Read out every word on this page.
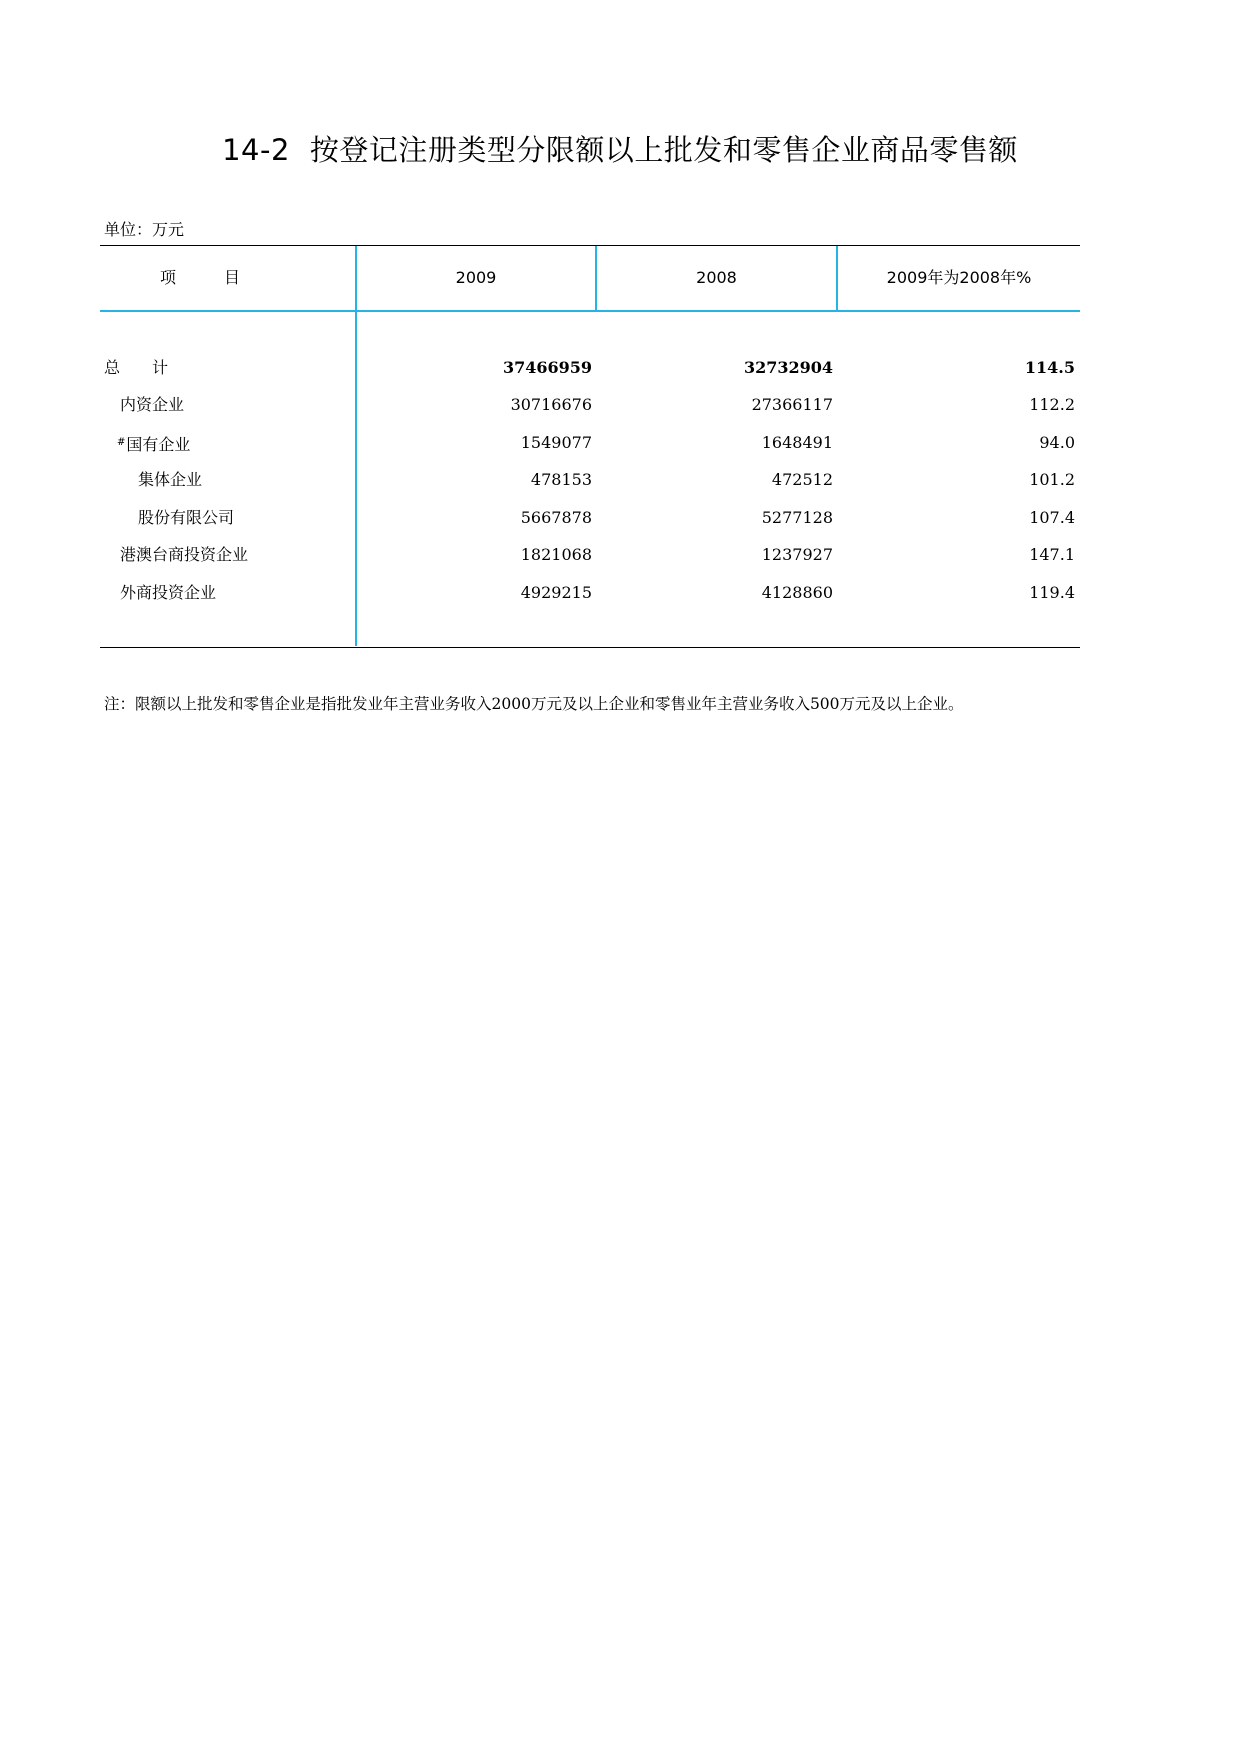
14-2 按登记注册类型分限额以上批发和零售企业商品零售额
单位：万元
项　　　目	2009	2008	2009年为2008年%
总　　计	37466959	32732904	114.5
内资企业	30716676	27366117	112.2
#国有企业	1549077	1648491	94.0
集体企业	478153	472512	101.2
股份有限公司	5667878	5277128	107.4
港澳台商投资企业	1821068	1237927	147.1
外商投资企业	4929215	4128860	119.4
注：限额以上批发和零售企业是指批发业年主营业务收入2000万元及以上企业和零售业年主营业务收入500万元及以上企业。
